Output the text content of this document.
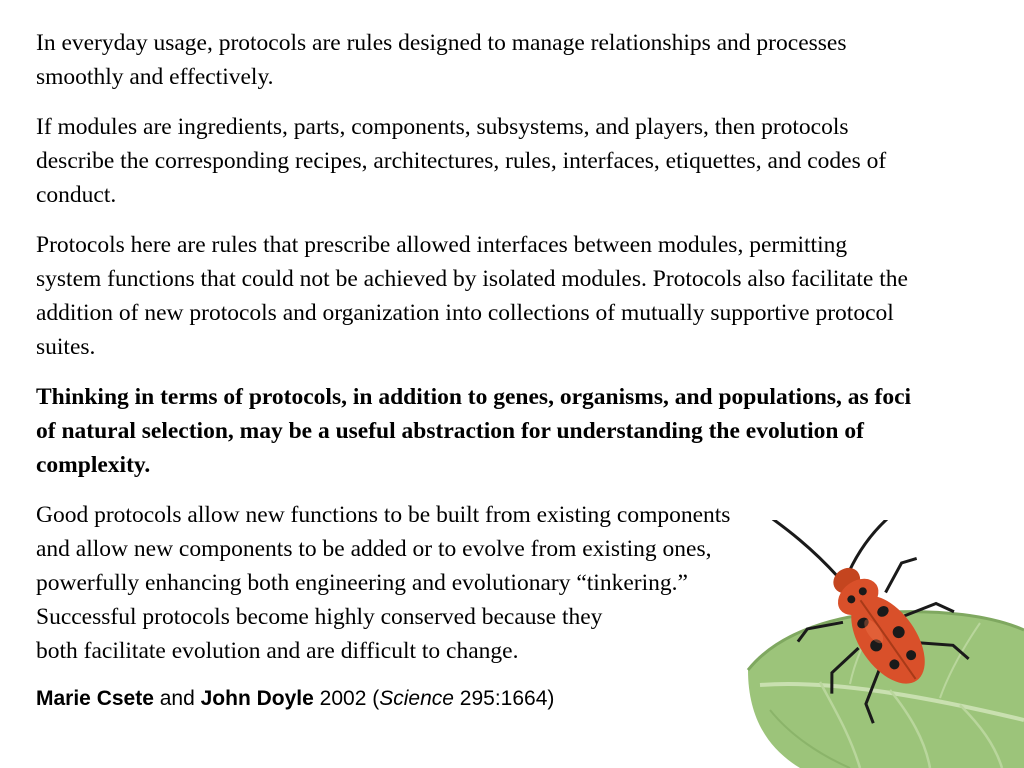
In everyday usage, protocols are rules designed to manage relationships and processes smoothly and effectively.

If modules are ingredients, parts, components, subsystems, and players, then protocols describe the corresponding recipes, architectures, rules, interfaces, etiquettes, and codes of conduct.

Protocols here are rules that prescribe allowed interfaces between modules, permitting system functions that could not be achieved by isolated modules. Protocols also facilitate the addition of new protocols and organization into collections of mutually supportive protocol suites.

Thinking in terms of protocols, in addition to genes, organisms, and populations, as foci of natural selection, may be a useful abstraction for understanding the evolution of complexity.

Good protocols allow new functions to be built from existing components
and allow new components to be added or to evolve from existing ones,
powerfully enhancing both engineering and evolutionary “tinkering.”
Successful protocols become highly conserved because they
both facilitate evolution and are difficult to change.

Marie Csete and John Doyle 2002 (Science 295:1664)
